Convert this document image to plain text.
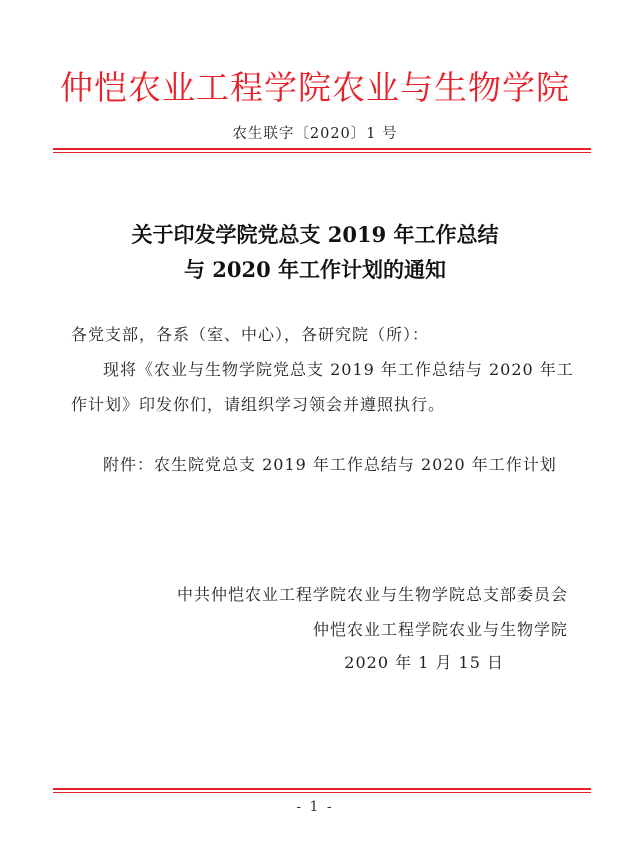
仲恺农业工程学院农业与生物学院
农生联字〔2020〕1 号
关于印发学院党总支 2019 年工作总结
与 2020 年工作计划的通知
各党支部，各系（室、中心），各研究院（所）：
现将《农业与生物学院党总支 2019 年工作总结与 2020 年工
作计划》印发你们，请组织学习领会并遵照执行。
附件：农生院党总支 2019 年工作总结与 2020 年工作计划
中共仲恺农业工程学院农业与生物学院总支部委员会
仲恺农业工程学院农业与生物学院
2020 年 1 月 15 日
- 1 -
